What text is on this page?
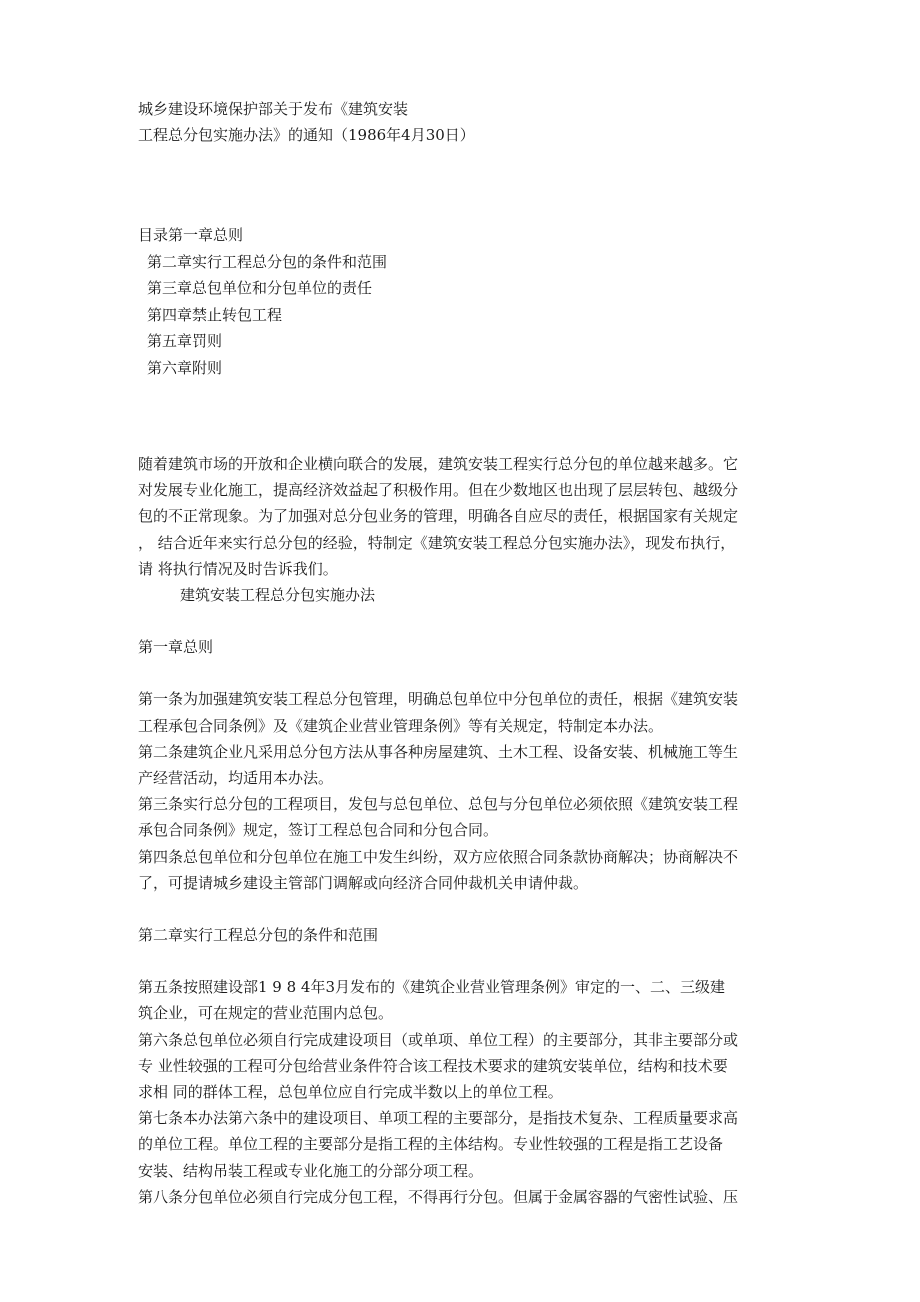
城乡建设环境保护部关于发布《建筑安装
工程总分包实施办法》的通知（1986年4月30日）
目录第一章总则
第二章实行工程总分包的条件和范围
第三章总包单位和分包单位的责任
第四章禁止转包工程
第五章罚则
第六章附则
随着建筑市场的开放和企业横向联合的发展，建筑安装工程实行总分包的单位越来越多。它
对发展专业化施工，提高经济效益起了积极作用。但在少数地区也出现了层层转包、越级分
包的不正常现象。为了加强对总分包业务的管理，明确各自应尽的责任，根据国家有关规定
， 结合近年来实行总分包的经验，特制定《建筑安装工程总分包实施办法》，现发布执行，
请 将执行情况及时告诉我们。
建筑安装工程总分包实施办法
第一章总则
第一条为加强建筑安装工程总分包管理，明确总包单位中分包单位的责任，根据《建筑安装
工程承包合同条例》及《建筑企业营业管理条例》等有关规定，特制定本办法。
第二条建筑企业凡采用总分包方法从事各种房屋建筑、土木工程、设备安装、机械施工等生
产经营活动，均适用本办法。
第三条实行总分包的工程项目，发包与总包单位、总包与分包单位必须依照《建筑安装工程
承包合同条例》规定，签订工程总包合同和分包合同。
第四条总包单位和分包单位在施工中发生纠纷，双方应依照合同条款协商解决；协商解决不
了，可提请城乡建设主管部门调解或向经济合同仲裁机关申请仲裁。
第二章实行工程总分包的条件和范围
第五条按照建设部1 9 8 4年3月发布的《建筑企业营业管理条例》审定的一、二、三级建
筑企业，可在规定的营业范围内总包。
第六条总包单位必须自行完成建设项目（或单项、单位工程）的主要部分，其非主要部分或
专 业性较强的工程可分包给营业条件符合该工程技术要求的建筑安装单位，结构和技术要
求相 同的群体工程，总包单位应自行完成半数以上的单位工程。
第七条本办法第六条中的建设项目、单项工程的主要部分，是指技术复杂、工程质量要求高
的单位工程。单位工程的主要部分是指工程的主体结构。专业性较强的工程是指工艺设备
安装、结构吊装工程或专业化施工的分部分项工程。
第八条分包单位必须自行完成分包工程，不得再行分包。但属于金属容器的气密性试验、压
